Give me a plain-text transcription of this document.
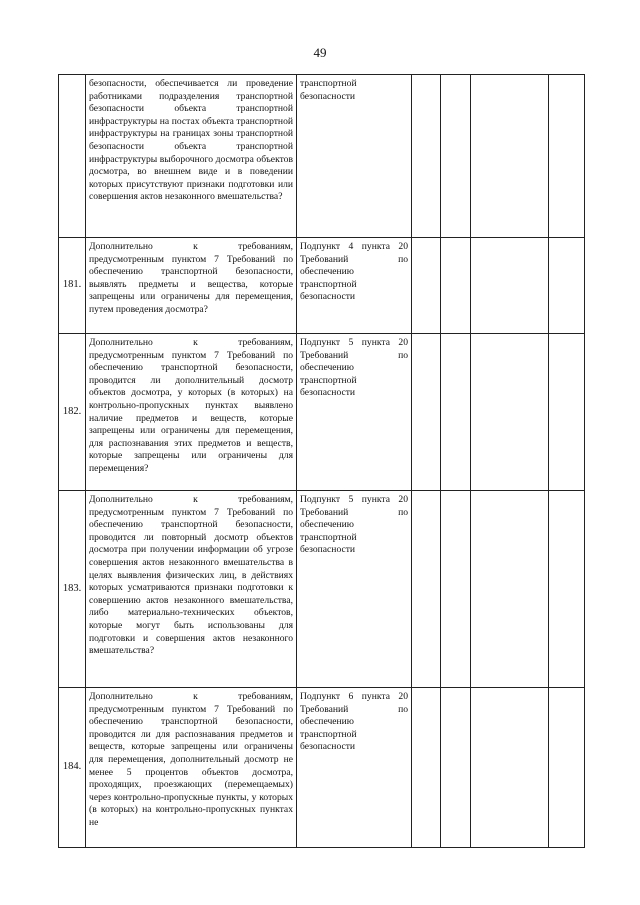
49
	безопасности, обеспечивается ли проведение работниками подразделения транспортной безопасности объекта транспортной инфраструктуры на постах объекта транспортной инфраструктуры на границах зоны транспортной безопасности объекта транспортной инфраструктуры выборочного досмотра объектов досмотра, во внешнем виде и в поведении которых присутствуют признаки подготовки или совершения актов незаконного вмешательства?	транспортной безопасности				
181.	Дополнительно к требованиям, предусмотренным пунктом 7 Требований по обеспечению транспортной безопасности, выявлять предметы и вещества, которые запрещены или ограничены для перемещения, путем проведения досмотра?	Подпункт 4 пункта 20 Требований по обеспечению транспортной безопасности				
182.	Дополнительно к требованиям, предусмотренным пунктом 7 Требований по обеспечению транспортной безопасности, проводится ли дополнительный досмотр объектов досмотра, у которых (в которых) на контрольно-пропускных пунктах выявлено наличие предметов и веществ, которые запрещены или ограничены для перемещения, для распознавания этих предметов и веществ, которые запрещены или ограничены для перемещения?	Подпункт 5 пункта 20 Требований по обеспечению транспортной безопасности				
183.	Дополнительно к требованиям, предусмотренным пунктом 7 Требований по обеспечению транспортной безопасности, проводится ли повторный досмотр объектов досмотра при получении информации об угрозе совершения актов незаконного вмешательства в целях выявления физических лиц, в действиях которых усматриваются признаки подготовки к совершению актов незаконного вмешательства, либо материально-технических объектов, которые могут быть использованы для подготовки и совершения актов незаконного вмешательства?	Подпункт 5 пункта 20 Требований по обеспечению транспортной безопасности				
184.	Дополнительно к требованиям, предусмотренным пунктом 7 Требований по обеспечению транспортной безопасности, проводится ли для распознавания предметов и веществ, которые запрещены или ограничены для перемещения, дополнительный досмотр не менее 5 процентов объектов досмотра, проходящих, проезжающих (перемещаемых) через контрольно-пропускные пункты, у которых (в которых) на контрольно-пропускных пунктах не	Подпункт 6 пункта 20 Требований по обеспечению транспортной безопасности				
